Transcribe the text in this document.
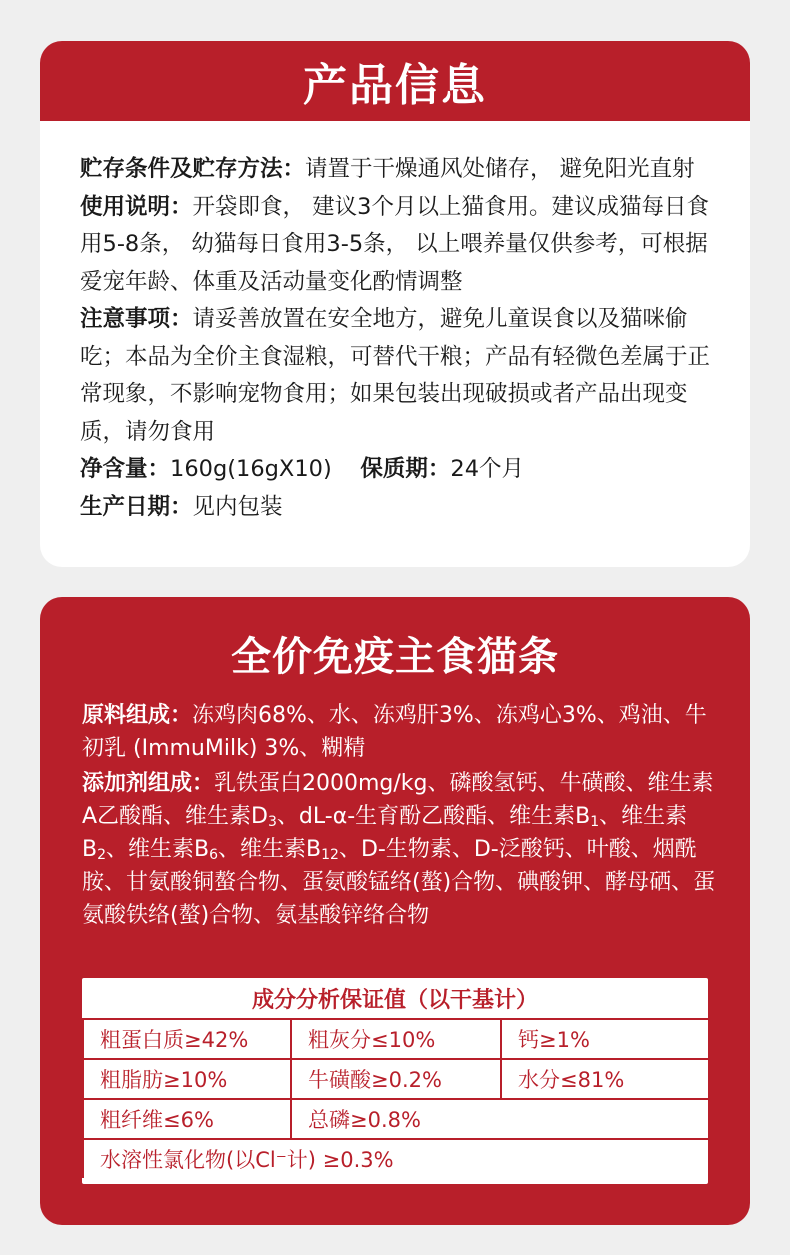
产品信息

贮存条件及贮存方法：请置于干燥通风处储存， 避免阳光直射

使用说明：开袋即食， 建议3个月以上猫食用。建议成猫每日食用5-8条， 幼猫每日食用3-5条， 以上喂养量仅供参考，可根据爱宠年龄、体重及活动量变化酌情调整

注意事项：请妥善放置在安全地方，避免儿童误食以及猫咪偷吃；本品为全价主食湿粮，可替代干粮；产品有轻微色差属于正常现象，不影响宠物食用；如果包装出现破损或者产品出现变质，请勿食用

净含量：160g(16gX10) 保质期：24个月

生产日期：见内包装

全价免疫主食猫条

原料组成：冻鸡肉68%、水、冻鸡肝3%、冻鸡心3%、鸡油、牛初乳 (ImmuMilk) 3%、糊精

添加剂组成：乳铁蛋白2000mg/kg、磷酸氢钙、牛磺酸、维生素A乙酸酯、维生素$D_3$、dL-α-生育酚乙酸酯、维生素$B_1$、维生素$B_2$、维生素$B_6$、维生素$B_{12}$、D-生物素、D-泛酸钙、叶酸、烟酰胺、甘氨酸铜螯合物、蛋氨酸锰络(螯)合物、碘酸钾、酵母硒、蛋氨酸铁络(螯)合物、氨基酸锌络合物

成分分析保证值（以干基计）
粗蛋白质≥42%	粗灰分≤10%	钙≥1%
粗脂肪≥10%	牛磺酸≥0.2%	水分≤81%
粗纤维≤6%	总磷≥0.8%
水溶性氯化物(以Cl⁻计) ≥0.3%
